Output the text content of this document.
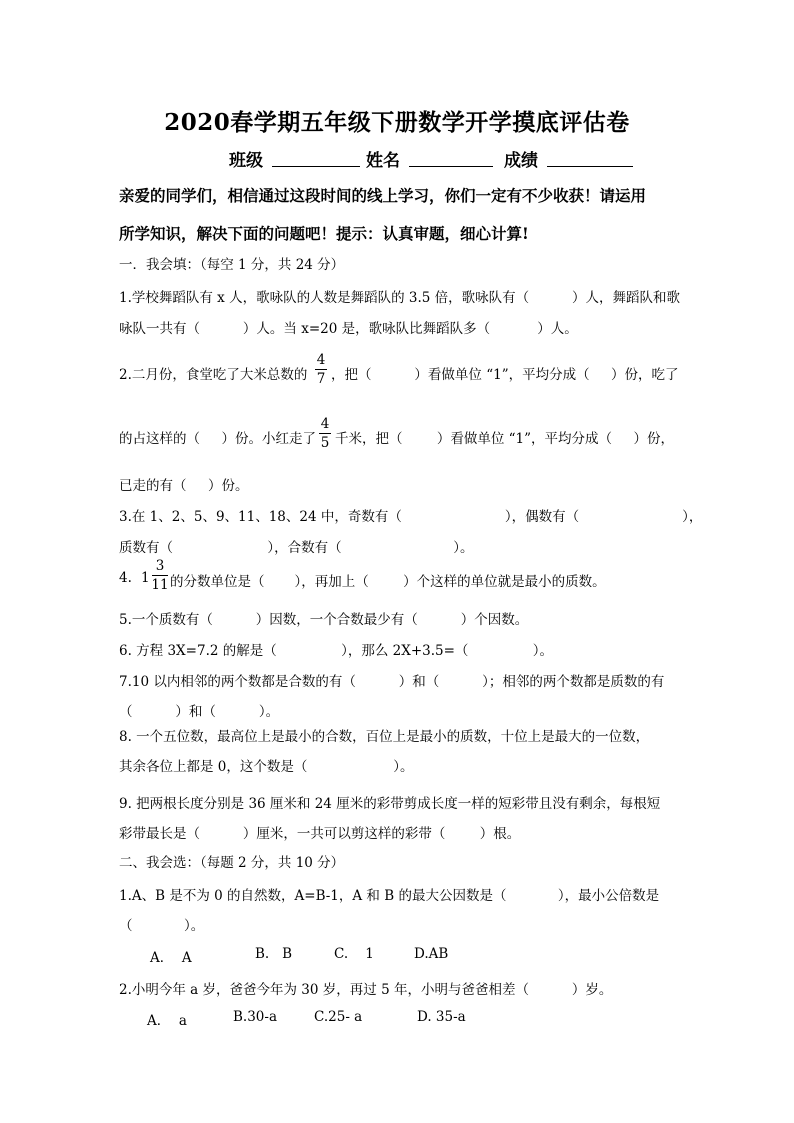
2020春学期五年级下册数学开学摸底评估卷
班级	姓名	成绩
亲爱的同学们，相信通过这段时间的线上学习，你们一定有不少收获！请运用
所学知识，解决下面的问题吧！提示：认真审题，细心计算!
一．我会填：（每空 1 分，共 24 分）
1.学校舞蹈队有 x 人，歌咏队的人数是舞蹈队的 3.5 倍，歌咏队有（          ）人，舞蹈队和歌
咏队一共有（          ）人。当 x=20 是，歌咏队比舞蹈队多（           ）人。
2.二月份，食堂吃了大米总数的
4
7 ，把（          ）看做单位 “1”，平均分成（     ）份，吃了
的占这样的（     ）份。小红走了
4
5 千米，把（        ）看做单位 “1”，平均分成（     ）份，
已走的有（     ）份。
3.在 1、2、5、9、11、18、24 中，奇数有（                        ），偶数有（                        ），
质数有（                      ），合数有（                          ）。
4. 1
3
11 的分数单位是（       ），再加上（        ）个这样的单位就是最小的质数。
5.一个质数有（          ）因数，一个合数最少有（          ）个因数。
6. 方程 3X=7.2 的解是（               ），那么 2X+3.5=（               ）。
7.10 以内相邻的两个数都是合数的有（          ）和（          ）；相邻的两个数都是质数的有
（          ）和（          ）。
8. 一个五位数，最高位上是最小的合数，百位上是最小的质数，十位上是最大的一位数，
其余各位上都是 0，这个数是（                    ）。
9. 把两根长度分别是 36 厘米和 24 厘米的彩带剪成长度一样的短彩带且没有剩余，每根短
彩带最长是（          ）厘米，一共可以剪这样的彩带（        ）根。
二、我会选：（每题 2 分，共 10 分）
1.A、B 是不为 0 的自然数，A=B-1，A 和 B 的最大公因数是（            ），最小公倍数是
（            ）。
A．  A	B.   B	C.    1	D.AB
2.小明今年 a 岁，爸爸今年为 30 岁，再过 5 年，小明与爸爸相差（          ）岁。
A．  a	B.30-a	C.25- a	D. 35-a
